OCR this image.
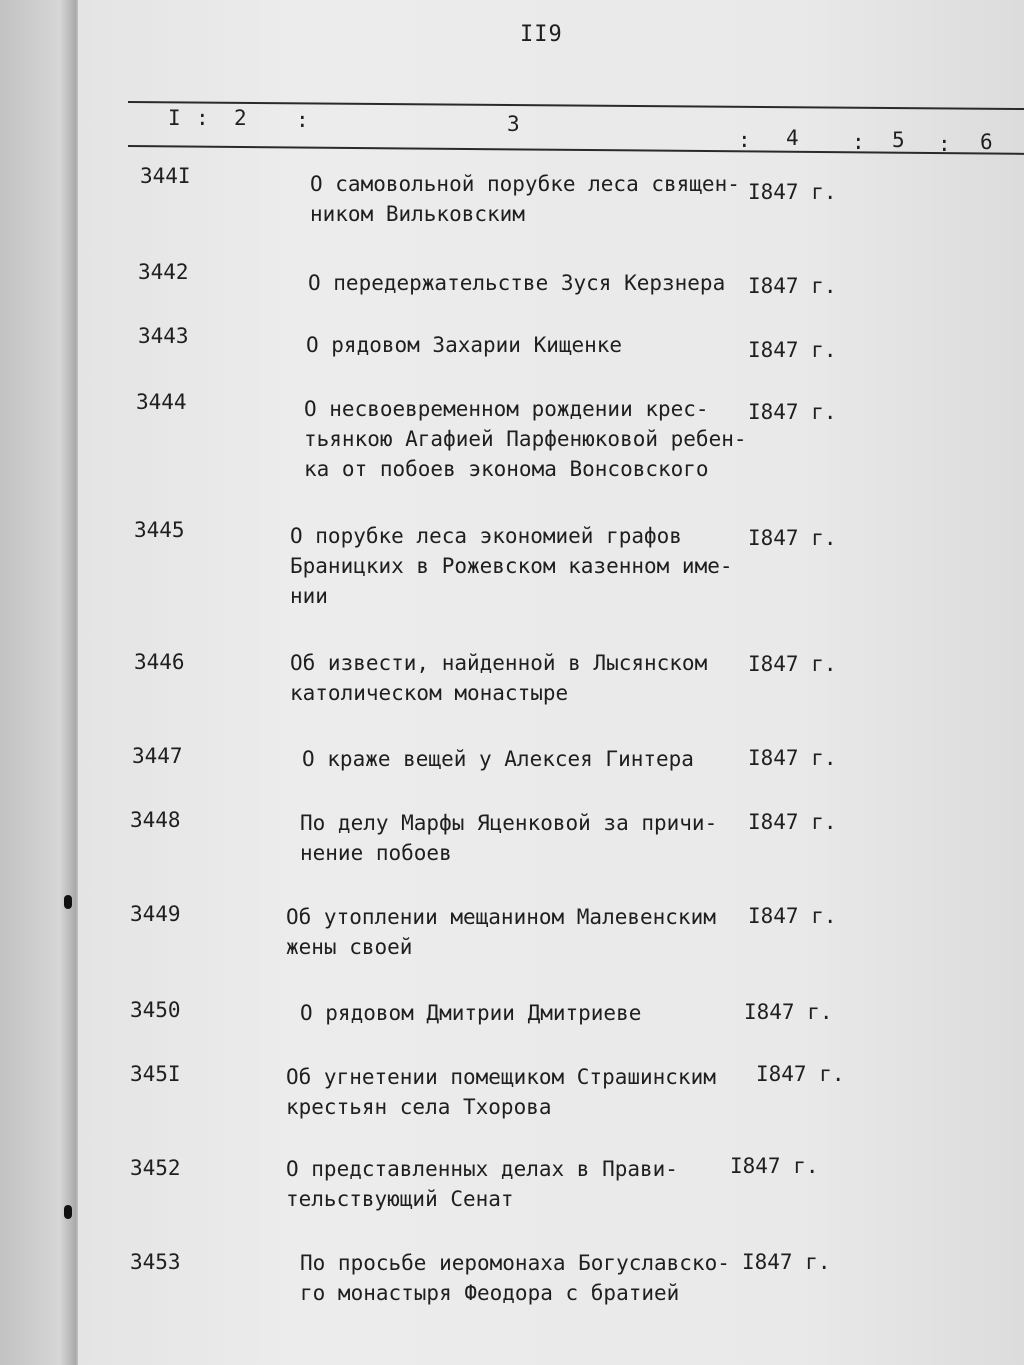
II9
I : 2 :	3
: 4	: 5 : 6
344I	О самовольной порубке леса священ-
ником Вильковским
I847 г.
3442	О передержательстве Зуся Керзнера I847 г.
3443	О рядовом Захарии Кищенке	I847 г.
3444	О несвоевременном рождении крес-
тьянкою Агафией Парфенюковой ребен-
ка от побоев эконома Вонсовского
I847 г.
3445	О порубке леса экономией графов
Браницких в Рожевском казенном име-
нии
I847 г.
3446	Об извести, найденной в Лысянском
католическом монастыре
I847 г.
3447	О краже вещей у Алексея Гинтера	I847 г.
3448	По делу Марфы Яценковой за причи-
нение побоев
I847 г.
3449	Об утоплении мещанином Малевенским
жены своей
I847 г.
3450	О рядовом Дмитрии Дмитриеве	I847 г.
345I	Об угнетении помещиком Страшинским
крестьян села Тхорова
I847 г.
3452	О представленных делах в Прави-
тельствующий Сенат
I847 г.
3453	По просьбе иеромонаха Богуславско-
го монастыря Феодора с братией
I847 г.
